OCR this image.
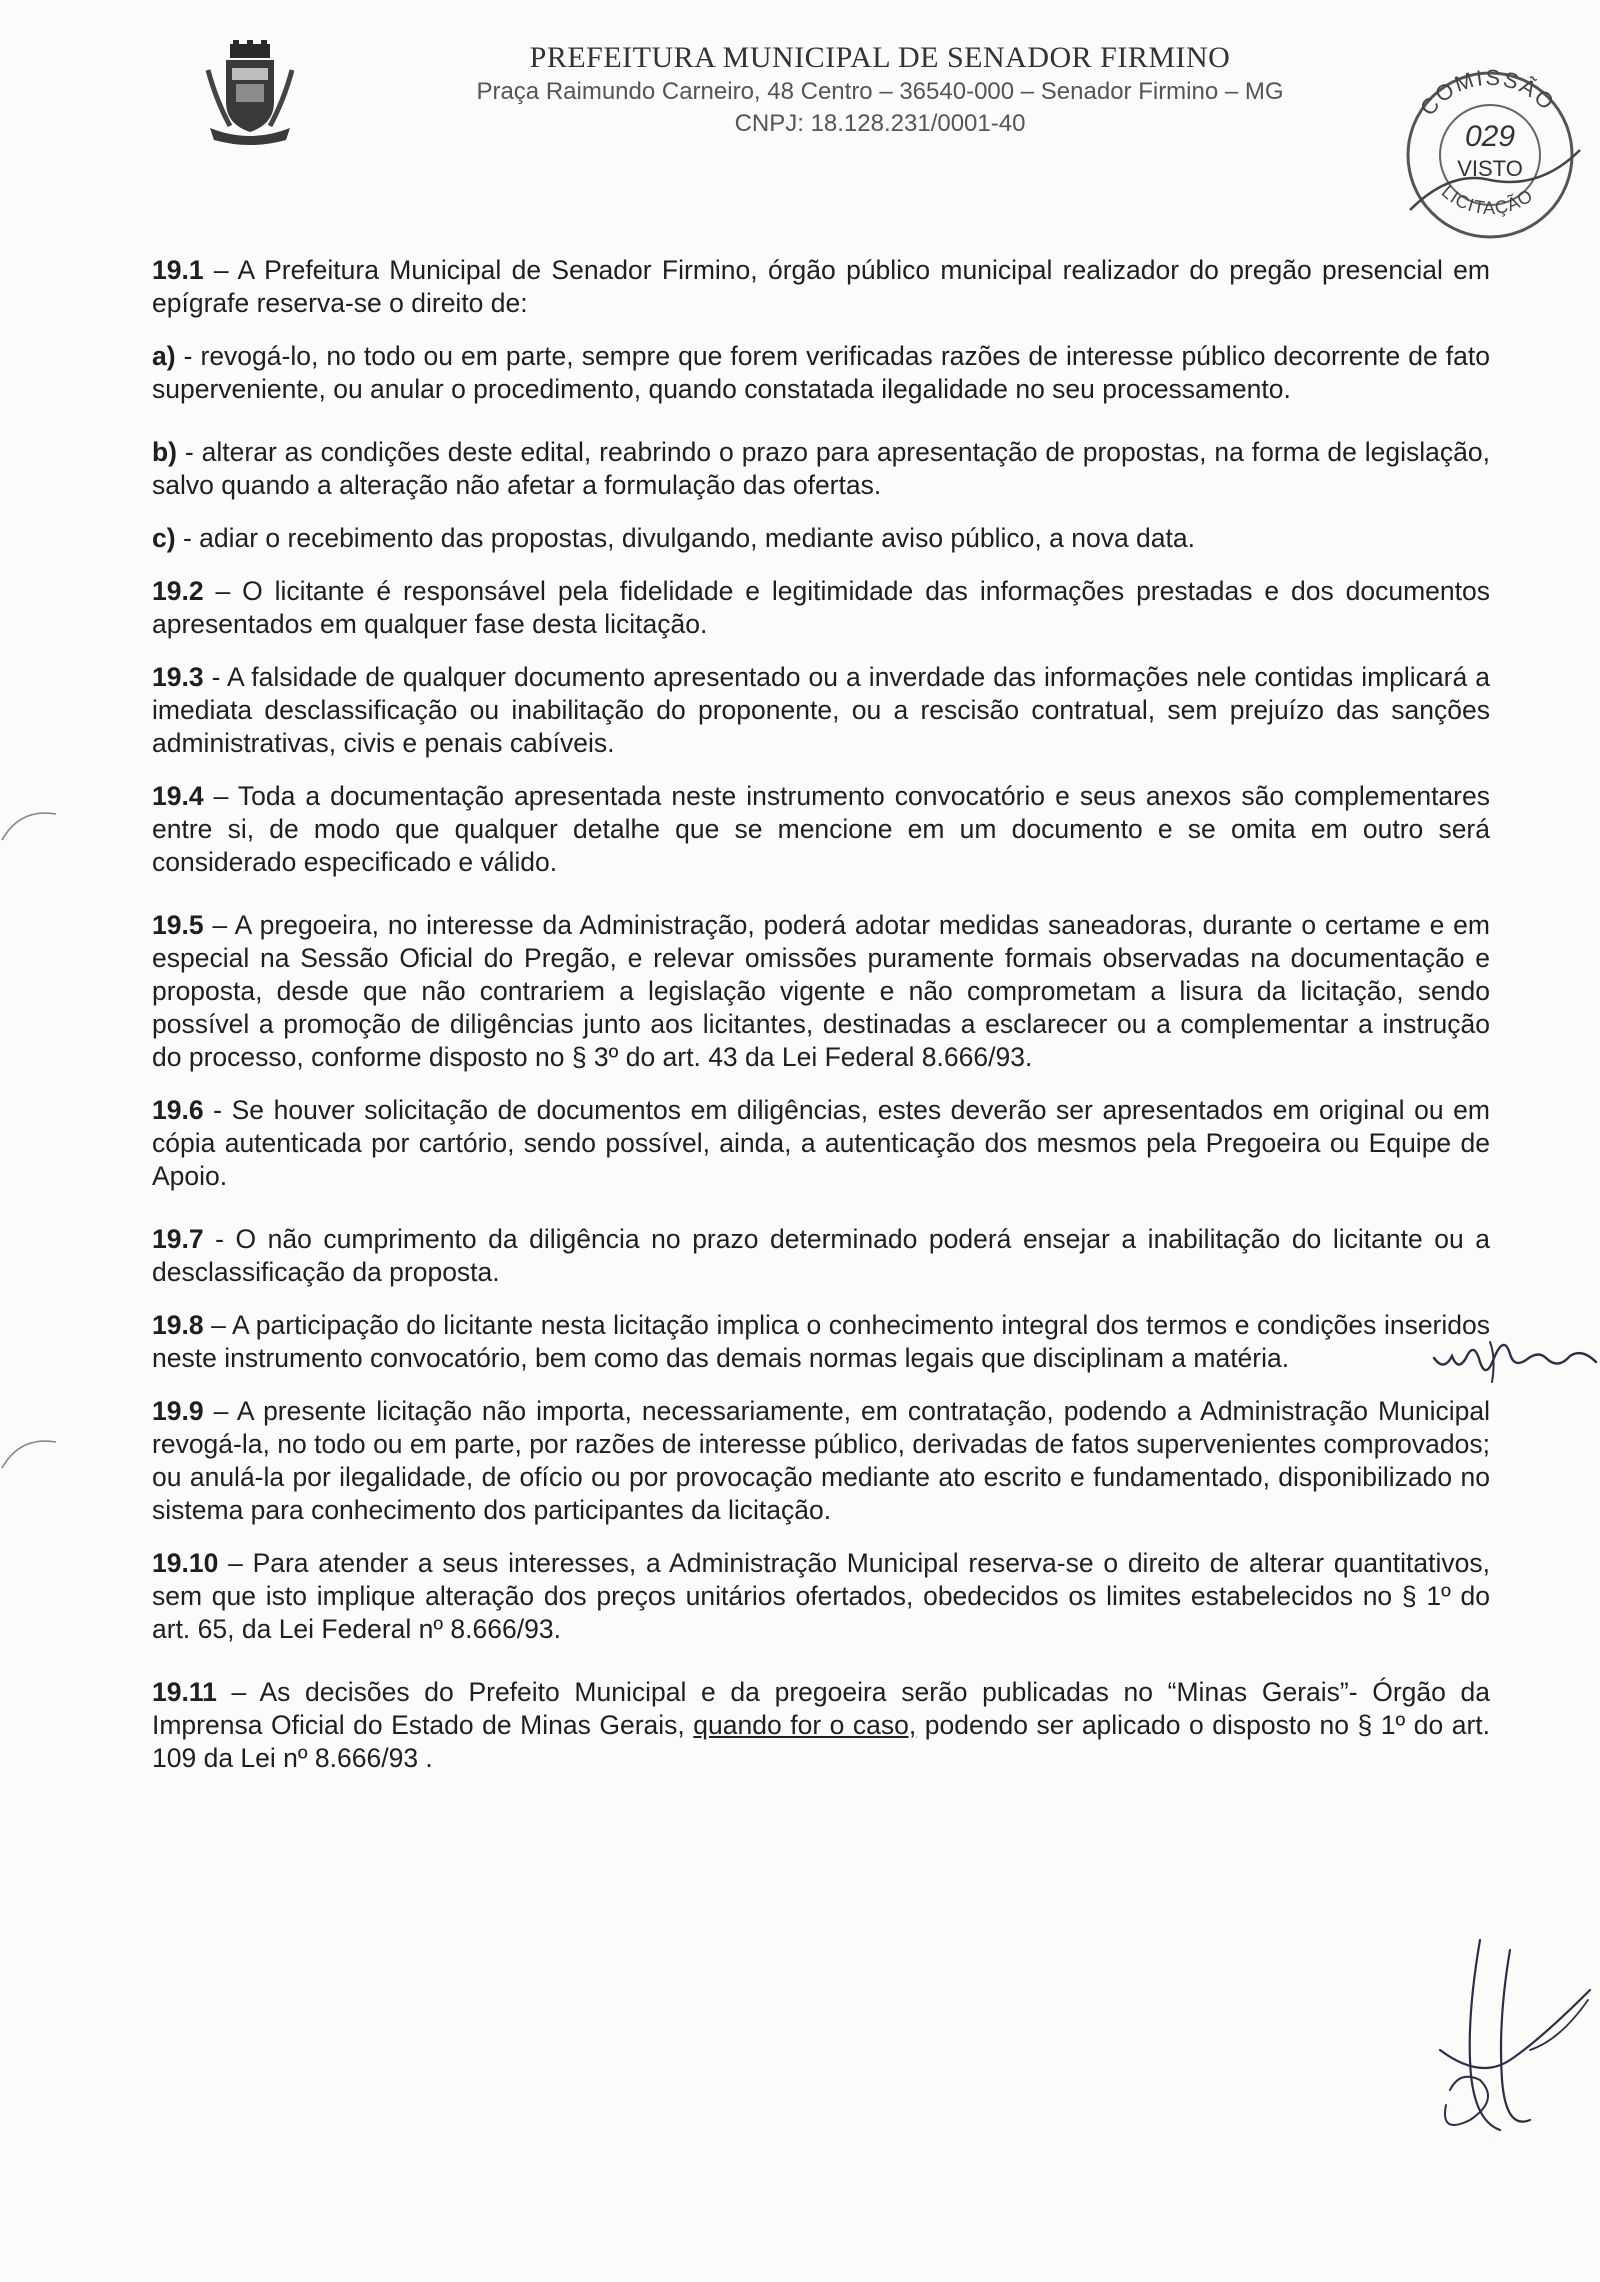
PREFEITURA MUNICIPAL DE SENADOR FIRMINO
Praça Raimundo Carneiro, 48 Centro – 36540-000 – Senador Firmino – MG
CNPJ: 18.128.231/0001-40
COMISSÃO
029
VISTO
LICITAÇÃO

19.1 – A Prefeitura Municipal de Senador Firmino, órgão público municipal realizador do pregão presencial em epígrafe reserva-se o direito de:

a) - revogá-lo, no todo ou em parte, sempre que forem verificadas razões de interesse público decorrente de fato superveniente, ou anular o procedimento, quando constatada ilegalidade no seu processamento.

b) - alterar as condições deste edital, reabrindo o prazo para apresentação de propostas, na forma de legislação, salvo quando a alteração não afetar a formulação das ofertas.

c) - adiar o recebimento das propostas, divulgando, mediante aviso público, a nova data.

19.2 – O licitante é responsável pela fidelidade e legitimidade das informações prestadas e dos documentos apresentados em qualquer fase desta licitação.

19.3 - A falsidade de qualquer documento apresentado ou a inverdade das informações nele contidas implicará a imediata desclassificação ou inabilitação do proponente, ou a rescisão contratual, sem prejuízo das sanções administrativas, civis e penais cabíveis.

19.4 – Toda a documentação apresentada neste instrumento convocatório e seus anexos são complementares entre si, de modo que qualquer detalhe que se mencione em um documento e se omita em outro será considerado especificado e válido.

19.5 – A pregoeira, no interesse da Administração, poderá adotar medidas saneadoras, durante o certame e em especial na Sessão Oficial do Pregão, e relevar omissões puramente formais observadas na documentação e proposta, desde que não contrariem a legislação vigente e não comprometam a lisura da licitação, sendo possível a promoção de diligências junto aos licitantes, destinadas a esclarecer ou a complementar a instrução do processo, conforme disposto no § 3º do art. 43 da Lei Federal 8.666/93.

19.6 - Se houver solicitação de documentos em diligências, estes deverão ser apresentados em original ou em cópia autenticada por cartório, sendo possível, ainda, a autenticação dos mesmos pela Pregoeira ou Equipe de Apoio.

19.7 - O não cumprimento da diligência no prazo determinado poderá ensejar a inabilitação do licitante ou a desclassificação da proposta.

19.8 – A participação do licitante nesta licitação implica o conhecimento integral dos termos e condições inseridos neste instrumento convocatório, bem como das demais normas legais que disciplinam a matéria.

19.9 – A presente licitação não importa, necessariamente, em contratação, podendo a Administração Municipal revogá-la, no todo ou em parte, por razões de interesse público, derivadas de fatos supervenientes comprovados; ou anulá-la por ilegalidade, de ofício ou por provocação mediante ato escrito e fundamentado, disponibilizado no sistema para conhecimento dos participantes da licitação.

19.10 – Para atender a seus interesses, a Administração Municipal reserva-se o direito de alterar quantitativos, sem que isto implique alteração dos preços unitários ofertados, obedecidos os limites estabelecidos no § 1º do art. 65, da Lei Federal nº 8.666/93.

19.11 – As decisões do Prefeito Municipal e da pregoeira serão publicadas no “Minas Gerais”- Órgão da Imprensa Oficial do Estado de Minas Gerais, quando for o caso, podendo ser aplicado o disposto no § 1º do art. 109 da Lei nº 8.666/93 .
